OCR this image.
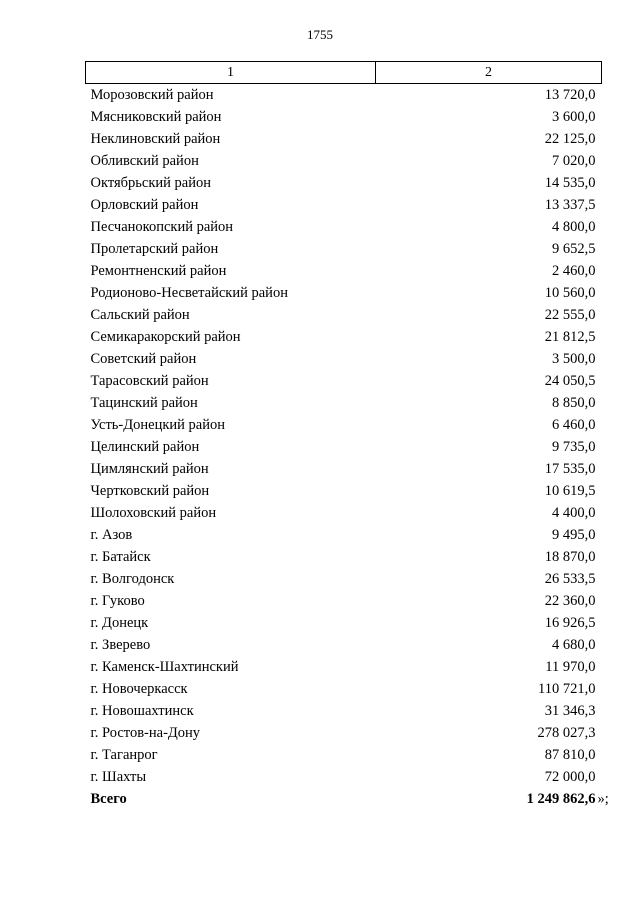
1755
1	2
Морозовский район	13 720,0
Мясниковский район	3 600,0
Неклиновский район	22 125,0
Обливский район	7 020,0
Октябрьский район	14 535,0
Орловский район	13 337,5
Песчанокопский район	4 800,0
Пролетарский район	9 652,5
Ремонтненский район	2 460,0
Родионово-Несветайский район	10 560,0
Сальский район	22 555,0
Семикаракорский район	21 812,5
Советский район	3 500,0
Тарасовский район	24 050,5
Тацинский район	8 850,0
Усть-Донецкий район	6 460,0
Целинский район	9 735,0
Цимлянский район	17 535,0
Чертковский район	10 619,5
Шолоховский район	4 400,0
г. Азов	9 495,0
г. Батайск	18 870,0
г. Волгодонск	26 533,5
г. Гуково	22 360,0
г. Донецк	16 926,5
г. Зверево	4 680,0
г. Каменск-Шахтинский	11 970,0
г. Новочеркасск	110 721,0
г. Новошахтинск	31 346,3
г. Ростов-на-Дону	278 027,3
г. Таганрог	87 810,0
г. Шахты	72 000,0
Всего	1 249 862,6 »;
